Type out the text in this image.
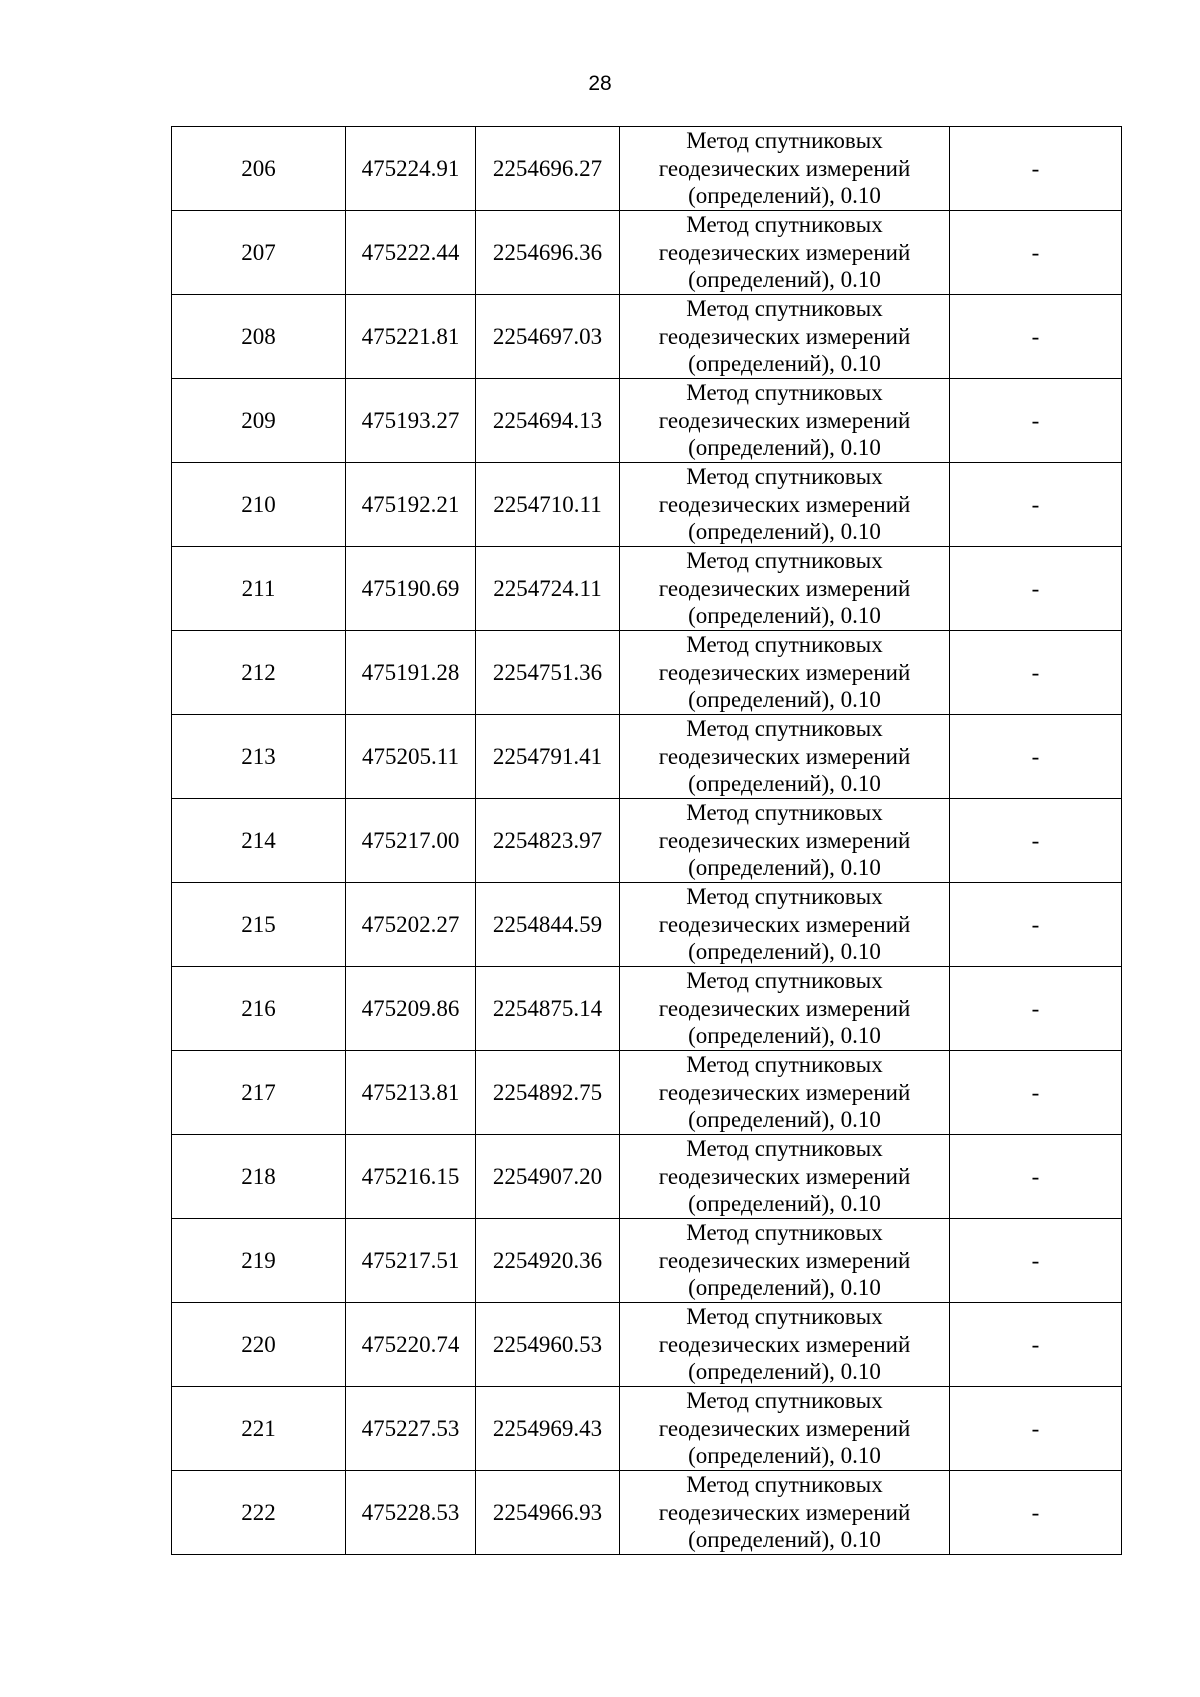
28
206	475224.91	2254696.27	Метод спутниковых
геодезических измерений
(определений), 0.10	-
207	475222.44	2254696.36	Метод спутниковых
геодезических измерений
(определений), 0.10	-
208	475221.81	2254697.03	Метод спутниковых
геодезических измерений
(определений), 0.10	-
209	475193.27	2254694.13	Метод спутниковых
геодезических измерений
(определений), 0.10	-
210	475192.21	2254710.11	Метод спутниковых
геодезических измерений
(определений), 0.10	-
211	475190.69	2254724.11	Метод спутниковых
геодезических измерений
(определений), 0.10	-
212	475191.28	2254751.36	Метод спутниковых
геодезических измерений
(определений), 0.10	-
213	475205.11	2254791.41	Метод спутниковых
геодезических измерений
(определений), 0.10	-
214	475217.00	2254823.97	Метод спутниковых
геодезических измерений
(определений), 0.10	-
215	475202.27	2254844.59	Метод спутниковых
геодезических измерений
(определений), 0.10	-
216	475209.86	2254875.14	Метод спутниковых
геодезических измерений
(определений), 0.10	-
217	475213.81	2254892.75	Метод спутниковых
геодезических измерений
(определений), 0.10	-
218	475216.15	2254907.20	Метод спутниковых
геодезических измерений
(определений), 0.10	-
219	475217.51	2254920.36	Метод спутниковых
геодезических измерений
(определений), 0.10	-
220	475220.74	2254960.53	Метод спутниковых
геодезических измерений
(определений), 0.10	-
221	475227.53	2254969.43	Метод спутниковых
геодезических измерений
(определений), 0.10	-
222	475228.53	2254966.93	Метод спутниковых
геодезических измерений
(определений), 0.10	-
